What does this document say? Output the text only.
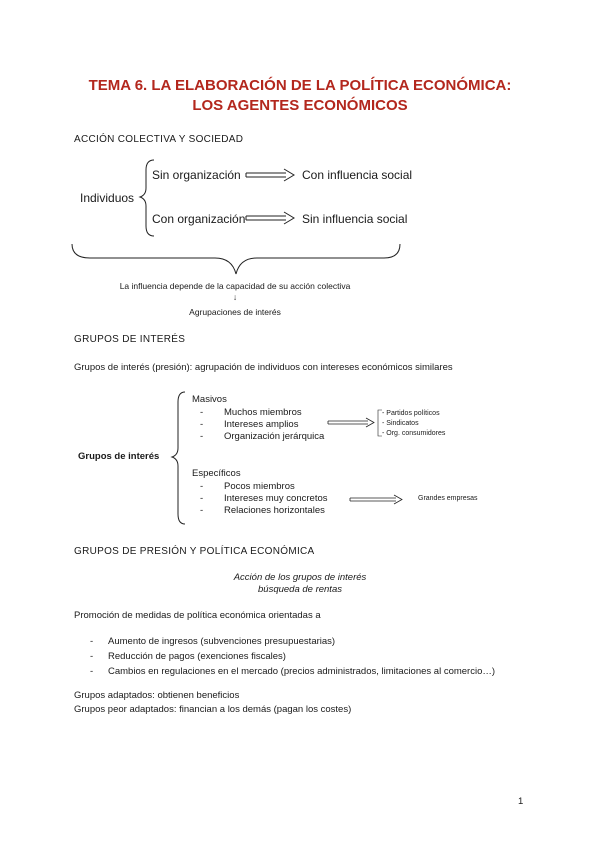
TEMA 6. LA ELABORACIÓN DE LA POLÍTICA ECONÓMICA:
LOS AGENTES ECONÓMICOS
ACCIÓN COLECTIVA Y SOCIEDAD
Individuos
Sin organización
Con organización
Con influencia social
Sin influencia social
La influencia depende de la capacidad de su acción colectiva
↓
Agrupaciones de interés
GRUPOS DE INTERÉS
Grupos de interés (presión): agrupación de individuos con intereses económicos similares
Grupos de interés
Masivos
- Muchos miembros
- Intereses amplios
- Organización jerárquica
- Partidos políticos
- Sindicatos
- Org. consumidores
Específicos
- Pocos miembros
- Intereses muy concretos
- Relaciones horizontales
Grandes empresas
GRUPOS DE PRESIÓN Y POLÍTICA ECONÓMICA
Acción de los grupos de interés
búsqueda de rentas
Promoción de medidas de política económica orientadas a
- Aumento de ingresos (subvenciones presupuestarias)
- Reducción de pagos (exenciones fiscales)
- Cambios en regulaciones en el mercado (precios administrados, limitaciones al comercio…)
Grupos adaptados: obtienen beneficios
Grupos peor adaptados: financian a los demás (pagan los costes)
1
